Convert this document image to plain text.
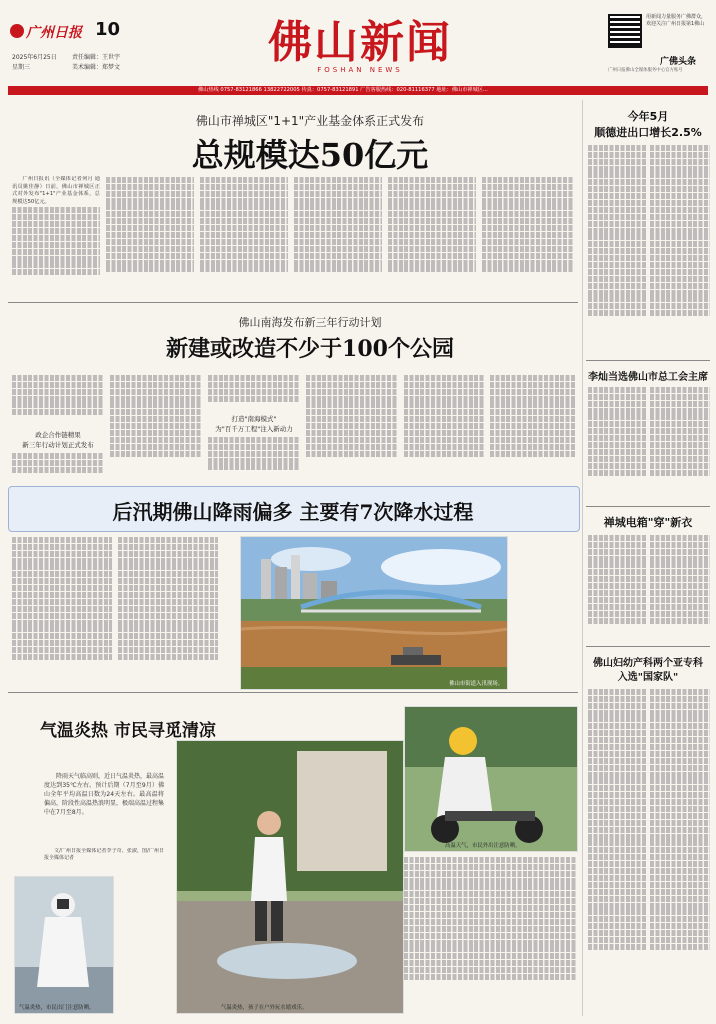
广州日报 10
2025年6月25日
星期三
责任编辑：王世宇
美术编辑：郑梦文	佛山新闻
FOSHAN NEWS
用新闻力量服务广佛群众，欢迎关注广州日报第1佛山
广佛头条
广州日报佛山全媒体服务中心官方账号
佛山热线 0757-83121866 13822722005 传真：0757-83121891 广告客服热线：020-81116377 地址：佛山市禅城区...
佛山市禅城区"1+1"产业基金体系正式发布
总规模达50亿元

广州日报讯（全媒体记者何月 通讯员姚佳静）日前，佛山市禅城区正式对外发布"1+1"产业基金体系，总规模达50亿元。

佛山南海发布新三年行动计划
新建或改造不少于100个公园
政企合作链精果
新三年行动计划正式发布
打造"南海模式"
为"百千万工程"注入新动力
后汛期佛山降雨偏多 主要有7次降水过程
佛山市街道入汛现场。
气温炎热 市民寻觅清凉

降雨天气临高则，近日气温炎热，最高温度达到35℃左右。预计后期（7月至9月）佛山全年平均高温日数为24天左右。最高温将偏高，阶段性高温热浪明显，极端高温过程集中在7月至8月。

文/广州日报全媒体记者李子奇、张淑，图/广州日报全媒体记者

气温炎热，市民出门注意防晒。	气温炎热，孩子在户外玩水嬉戏乐。
高温天气，市民外出注意防晒。
今年5月
顺德进出口增长2.5%
李灿当选佛山市总工会主席
禅城电箱"穿"新衣
佛山妇幼产科两个亚专科
入选"国家队"
